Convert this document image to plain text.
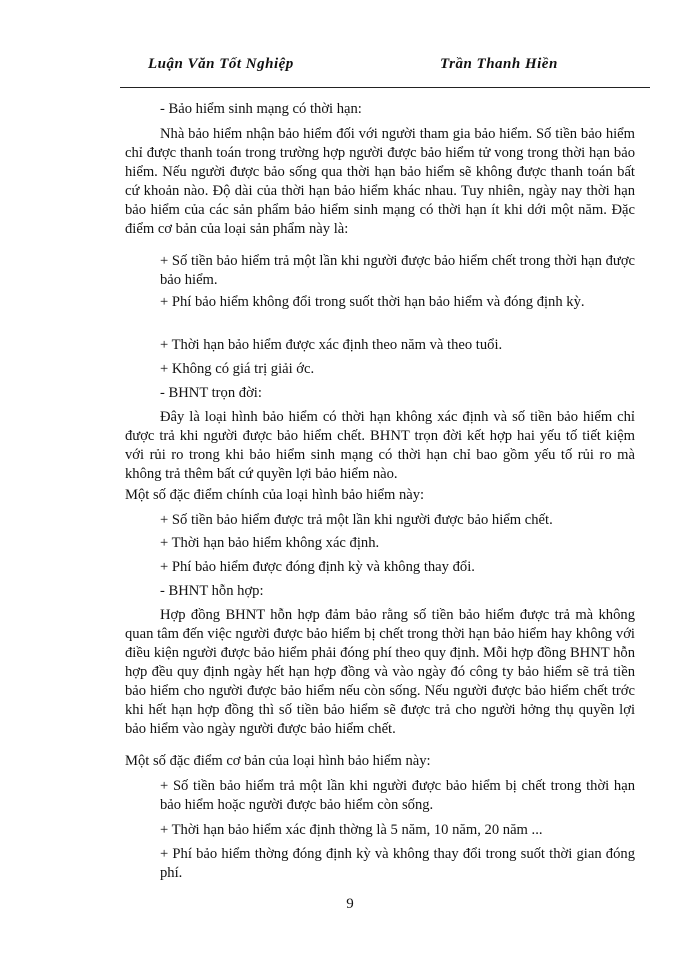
Luận Văn Tốt Nghiệp	Trần Thanh Hiền

- Bảo hiểm sinh mạng có thời hạn:

Nhà bảo hiểm nhận bảo hiểm đối với người tham gia bảo hiểm. Số tiền bảo hiểm chỉ được thanh toán trong trường hợp người được bảo hiểm tử vong trong thời hạn bảo hiểm. Nếu người được bảo sống qua thời hạn bảo hiểm sẽ không được thanh toán bất cứ khoản nào. Độ dài của thời hạn bảo hiểm khác nhau. Tuy nhiên, ngày nay thời hạn bảo hiểm của các sản phẩm bảo hiểm sinh mạng có thời hạn ít khi dới một năm. Đặc điểm cơ bản của loại sản phẩm này là:

+ Số tiền bảo hiểm trả một lần khi người được bảo hiểm chết trong thời hạn được bảo hiểm.

+ Phí bảo hiểm không đổi trong suốt thời hạn bảo hiểm và đóng định kỳ.

+ Thời hạn bảo hiểm được xác định theo năm và theo tuổi.

+ Không có giá trị giải ớc.

- BHNT trọn đời:

Đây là loại hình bảo hiểm có thời hạn không xác định và số tiền bảo hiểm chỉ được trả khi người được bảo hiểm chết. BHNT trọn đời kết hợp hai yếu tố tiết kiệm với rủi ro trong khi bảo hiểm sinh mạng có thời hạn chỉ bao gồm yếu tố rủi ro mà không trả thêm bất cứ quyền lợi bảo hiểm nào.

Một số đặc điểm chính của loại hình bảo hiểm này:

+ Số tiền bảo hiểm được trả một lần khi người được bảo hiểm chết.

+ Thời hạn bảo hiểm không xác định.

+ Phí bảo hiểm được đóng định kỳ và không thay đổi.

- BHNT hỗn hợp:

Hợp đồng BHNT hỗn hợp đảm bảo rằng số tiền bảo hiểm được trả mà không quan tâm đến việc người được bảo hiểm bị chết trong thời hạn bảo hiểm hay không với điều kiện người được bảo hiểm phải đóng phí theo quy định. Mỗi hợp đồng BHNT hỗn hợp đều quy định ngày hết hạn hợp đồng và vào ngày đó công ty bảo hiểm sẽ trả tiền bảo hiểm cho người được bảo hiểm nếu còn sống. Nếu người được bảo hiểm chết trớc khi hết hạn hợp đồng thì số tiền bảo hiểm sẽ được trả cho người hởng thụ quyền lợi bảo hiểm vào ngày người được bảo hiểm chết.

Một số đặc điểm cơ bản của loại hình bảo hiểm này:

+ Số tiền bảo hiểm trả một lần khi người được bảo hiểm bị chết trong thời hạn bảo hiểm hoặc người được bảo hiểm còn sống.

+ Thời hạn bảo hiểm xác định thờng là 5 năm, 10 năm, 20 năm ...

+ Phí bảo hiểm thờng đóng định kỳ và không thay đổi trong suốt thời gian đóng phí.

9
